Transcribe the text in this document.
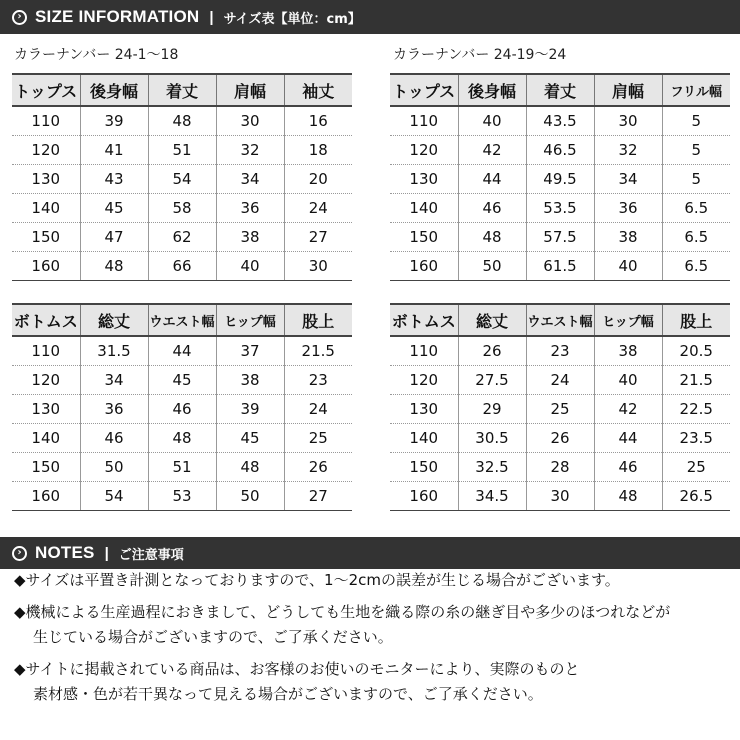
› SIZE INFORMATION | サイズ表【単位：cm】
カラーナンバー 24-1〜18	カラーナンバー 24-19〜24
トップス	後身幅	着丈	肩幅	袖丈
110	39	48	30	16
120	41	51	32	18
130	43	54	34	20
140	45	58	36	24
150	47	62	38	27
160	48	66	40	30
トップス	後身幅	着丈	肩幅	フリル幅
110	40	43.5	30	5
120	42	46.5	32	5
130	44	49.5	34	5
140	46	53.5	36	6.5
150	48	57.5	38	6.5
160	50	61.5	40	6.5
ボトムス	総丈	ウエスト幅	ヒップ幅	股上
110	31.5	44	37	21.5
120	34	45	38	23
130	36	46	39	24
140	46	48	45	25
150	50	51	48	26
160	54	53	50	27
ボトムス	総丈	ウエスト幅	ヒップ幅	股上
110	26	23	38	20.5
120	27.5	24	40	21.5
130	29	25	42	22.5
140	30.5	26	44	23.5
150	32.5	28	46	25
160	34.5	30	48	26.5
› NOTES | ご注意事項
◆サイズは平置き計測となっておりますので、1〜2cmの誤差が生じる場合がございます。
◆機械による生産過程におきまして、どうしても生地を織る際の糸の継ぎ目や多少のほつれなどが
生じている場合がございますので、ご了承ください。
◆サイトに掲載されている商品は、お客様のお使いのモニターにより、実際のものと
素材感・色が若干異なって見える場合がございますので、ご了承ください。
